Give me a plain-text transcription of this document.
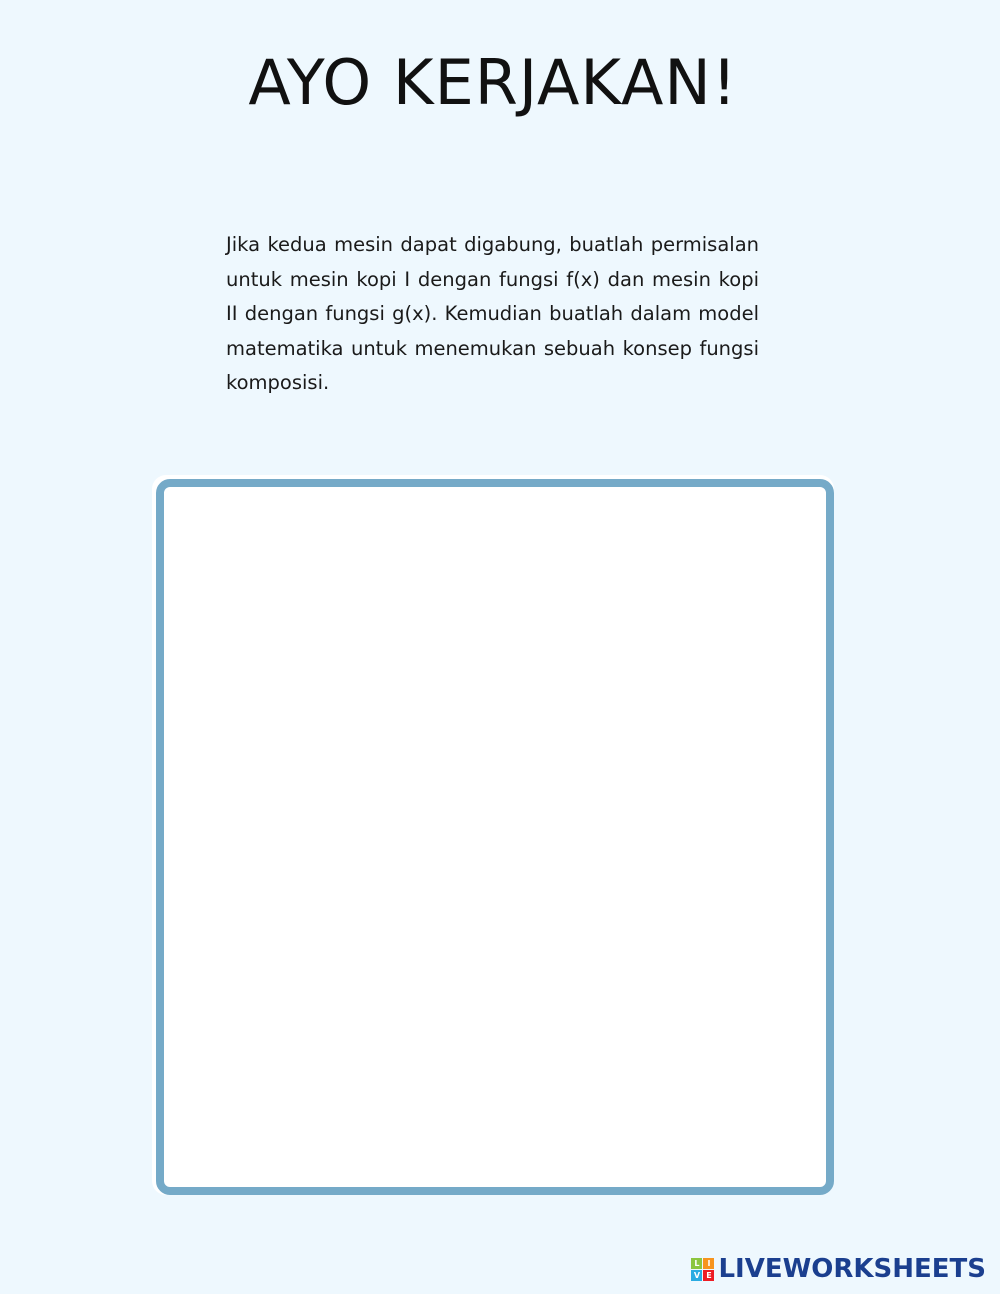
AYO KERJAKAN!

Jika kedua mesin dapat digabung, buatlah permisalan untuk mesin kopi I dengan fungsi f(x) dan mesin kopi II dengan fungsi g(x). Kemudian buatlah dalam model matematika untuk menemukan sebuah konsep fungsi komposisi.

L I
V E LIVEWORKSHEETS
